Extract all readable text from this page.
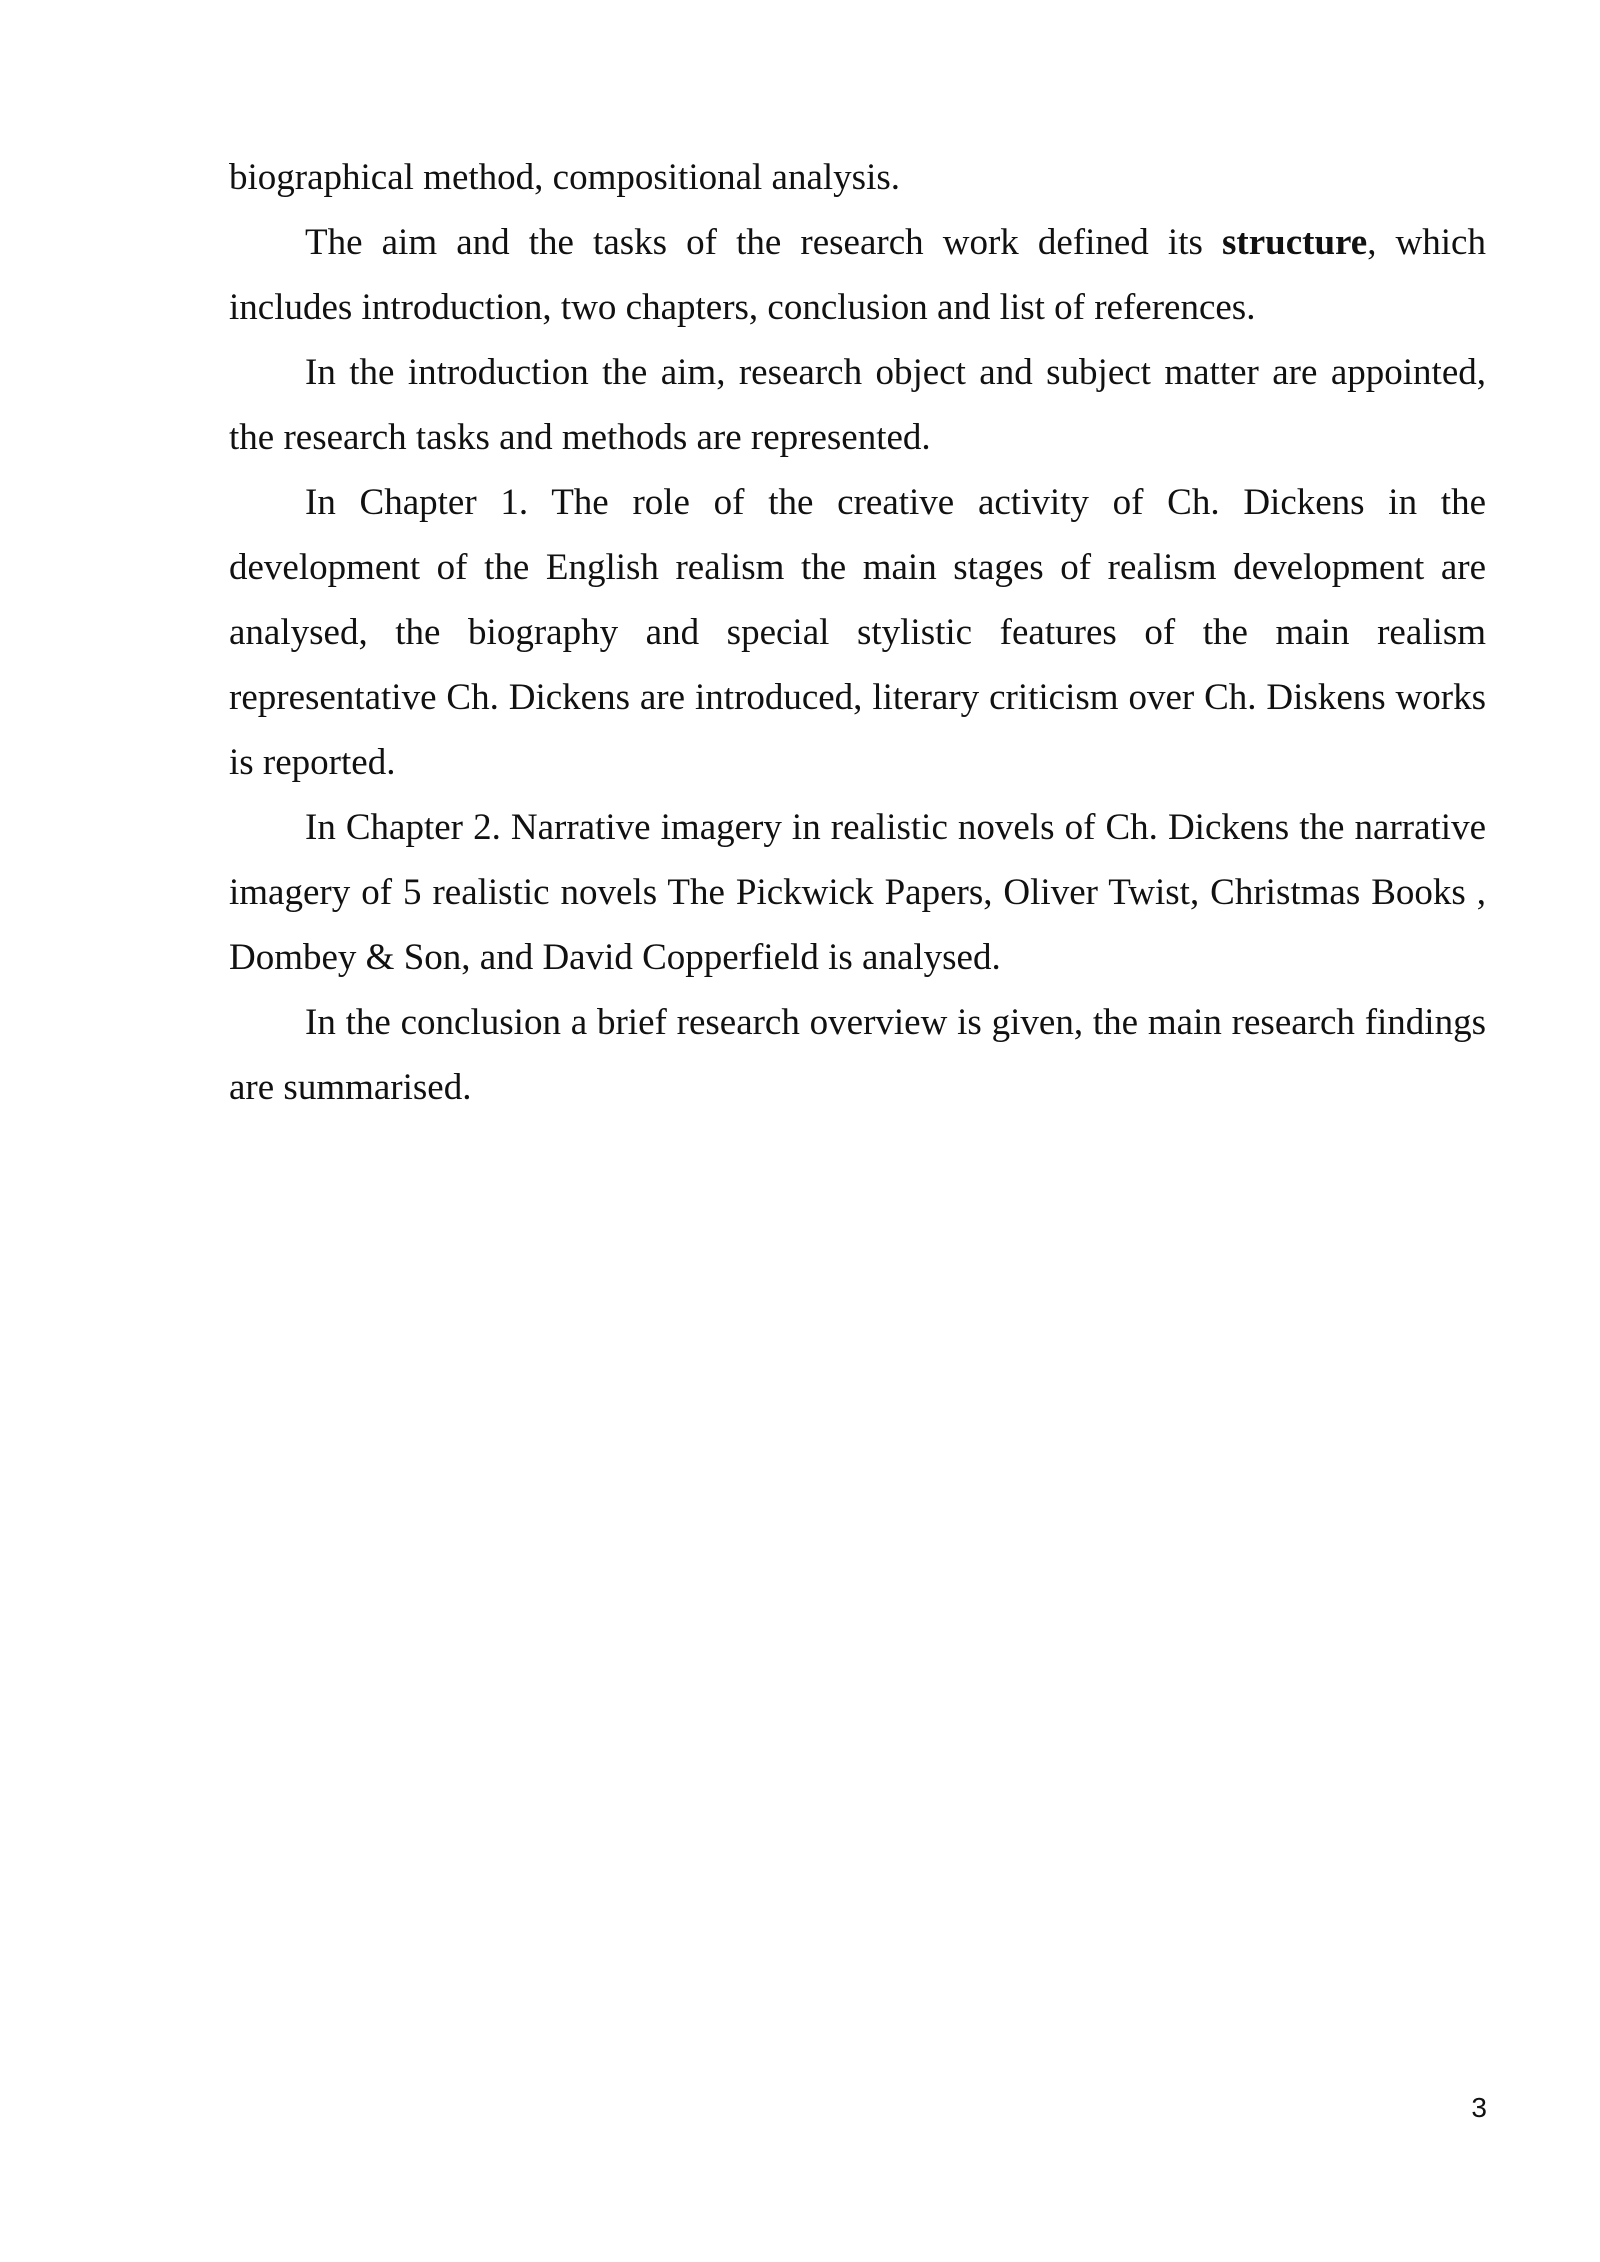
biographical method, compositional analysis.

The aim and the tasks of the research work defined its structure, which includes introduction, two chapters, conclusion and list of references.

In the introduction the aim, research object and subject matter are appointed, the research tasks and methods are represented.

In Chapter 1. The role of the creative activity of Ch. Dickens in the development of the English realism the main stages of realism development are analysed, the biography and special stylistic features of the main realism representative Ch. Dickens are introduced, literary criticism over Ch. Diskens works is reported.

In Chapter 2. Narrative imagery in realistic novels of Ch. Dickens the narrative imagery of 5 realistic novels The Pickwick Papers, Oliver Twist, Christmas Books , Dombey & Son, and David Copperfield is analysed.

In the conclusion a brief research overview is given, the main research findings are summarised.

3
